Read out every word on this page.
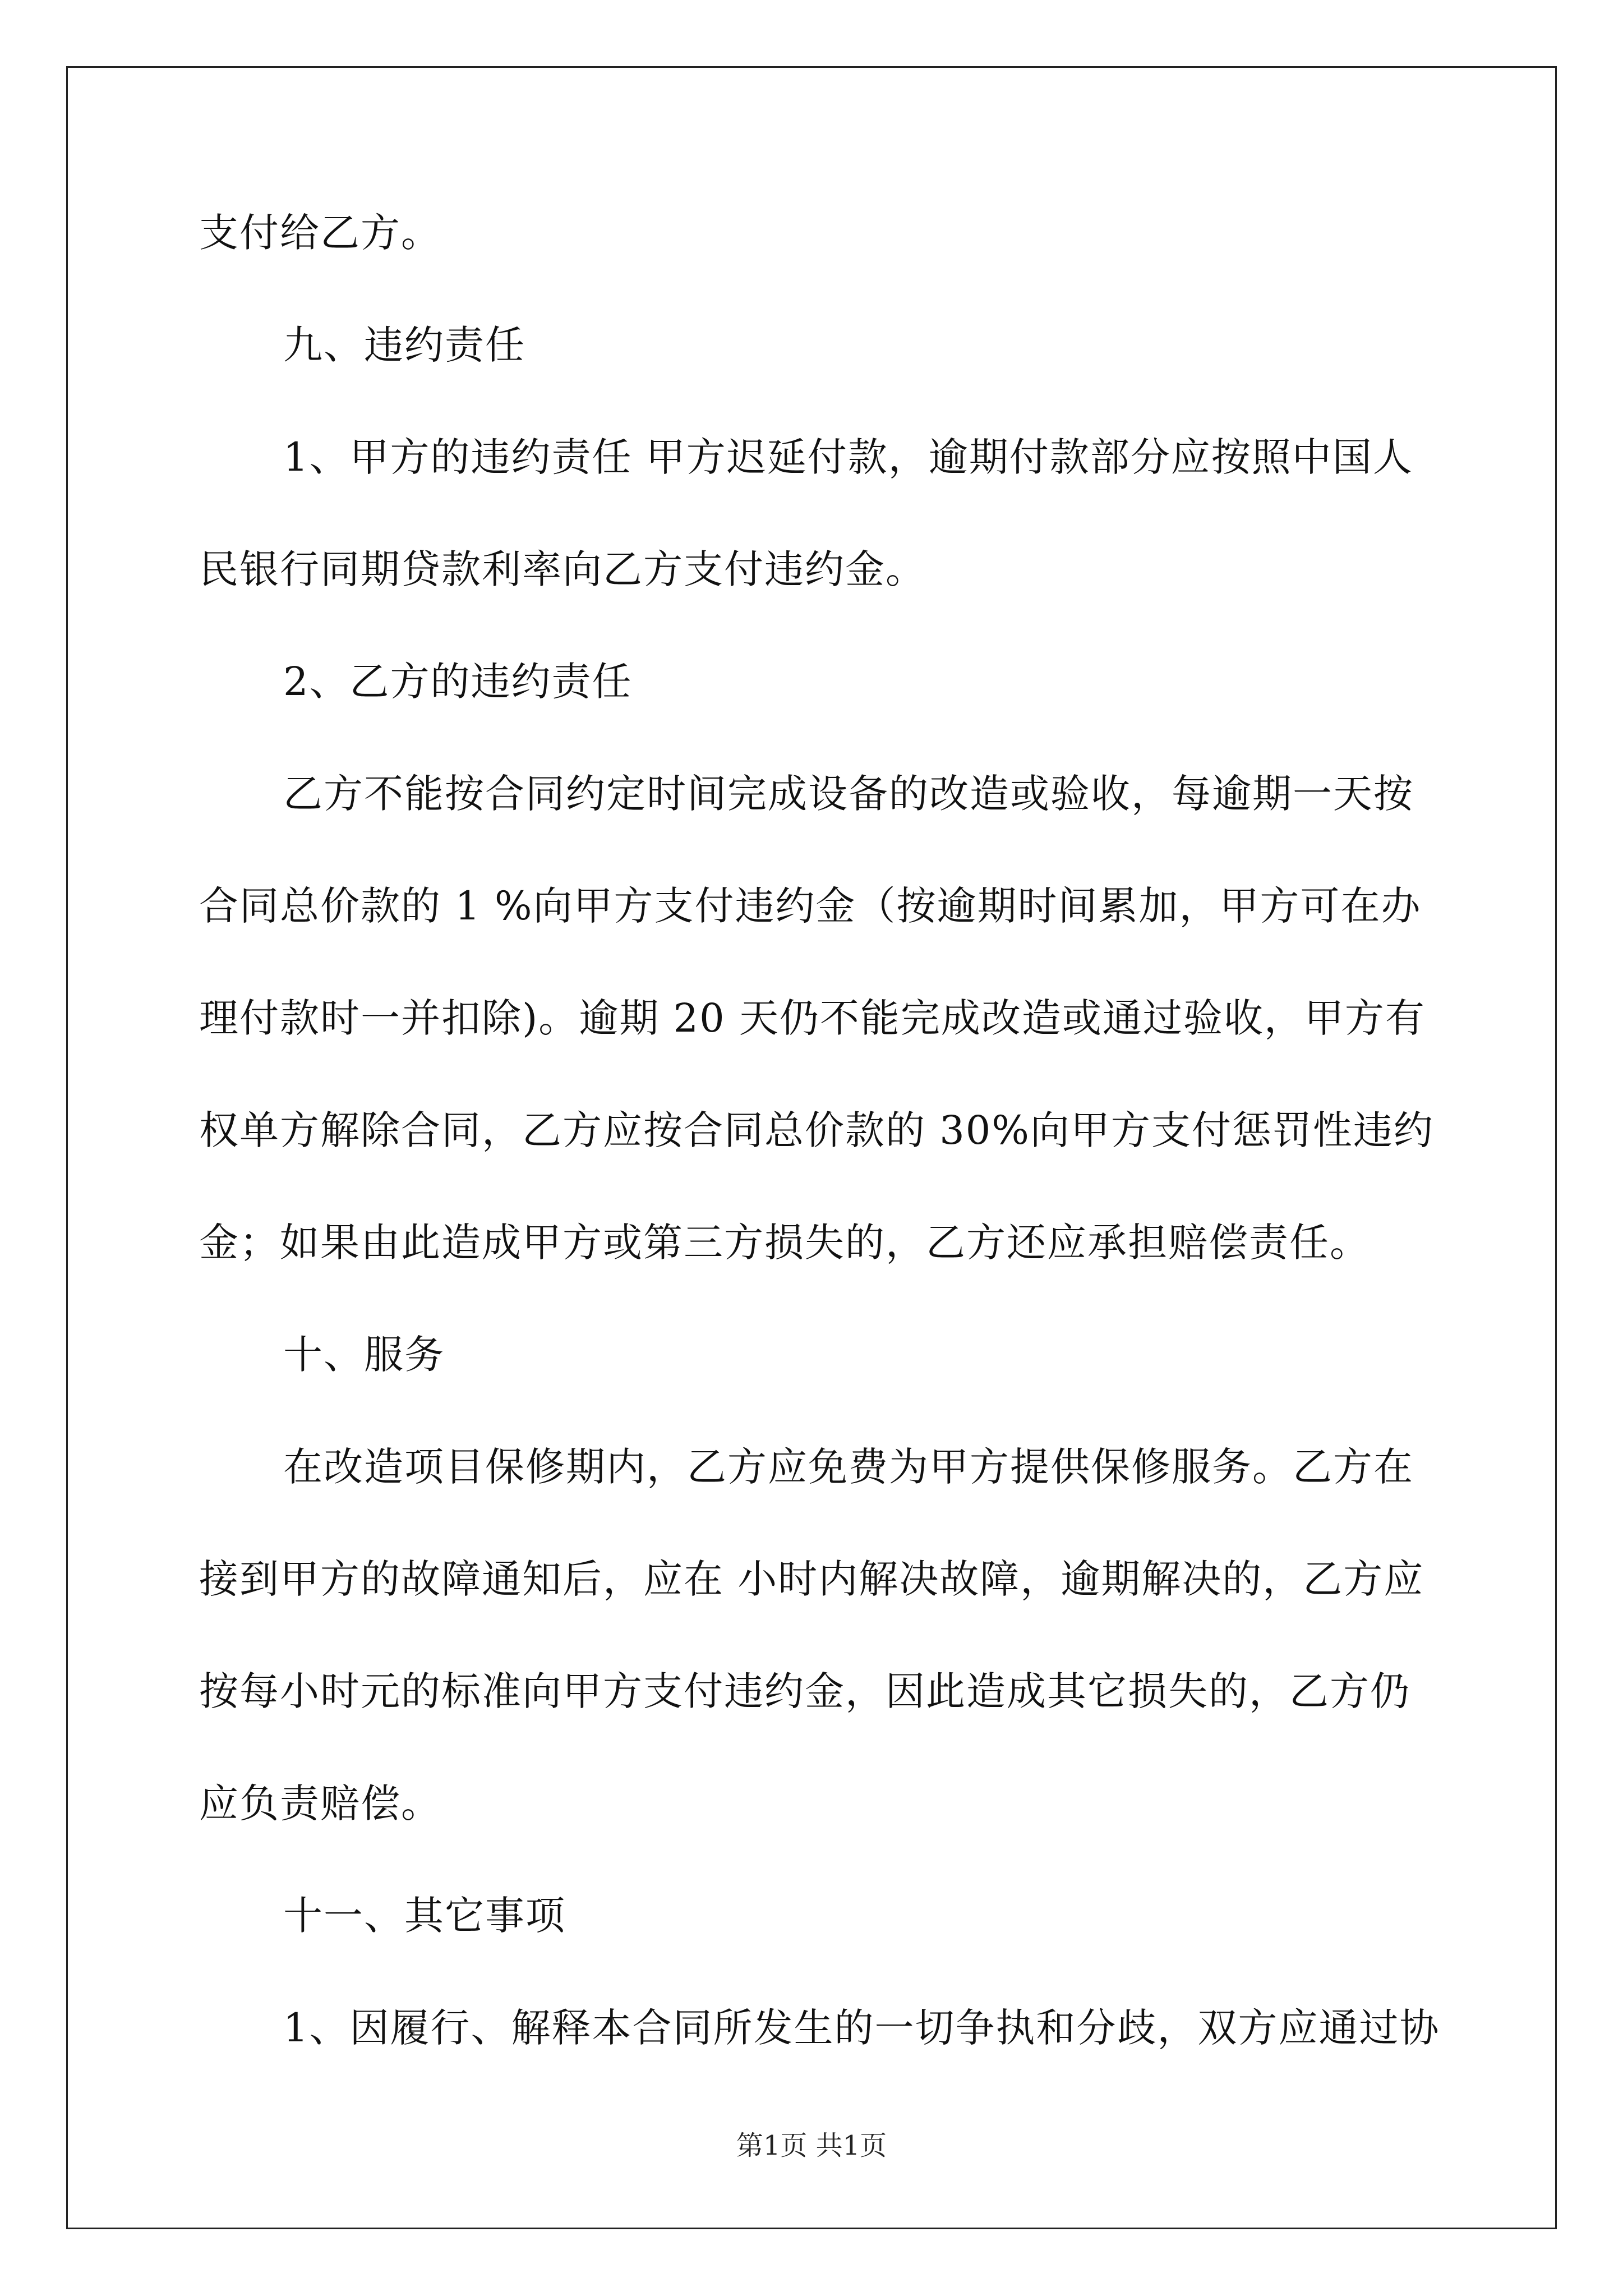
支付给乙方。
九、违约责任
1、甲方的违约责任 甲方迟延付款，逾期付款部分应按照中国人
民银行同期贷款利率向乙方支付违约金。
2、乙方的违约责任
乙方不能按合同约定时间完成设备的改造或验收，每逾期一天按
合同总价款的 1 %向甲方支付违约金（按逾期时间累加，甲方可在办
理付款时一并扣除)。逾期 20 天仍不能完成改造或通过验收，甲方有
权单方解除合同，乙方应按合同总价款的 30%向甲方支付惩罚性违约
金；如果由此造成甲方或第三方损失的，乙方还应承担赔偿责任。
十、服务
在改造项目保修期内，乙方应免费为甲方提供保修服务。乙方在
接到甲方的故障通知后，应在 小时内解决故障，逾期解决的，乙方应
按每小时元的标准向甲方支付违约金，因此造成其它损失的，乙方仍
应负责赔偿。
十一、其它事项
1、因履行、解释本合同所发生的一切争执和分歧，双方应通过协
第1页 共1页
